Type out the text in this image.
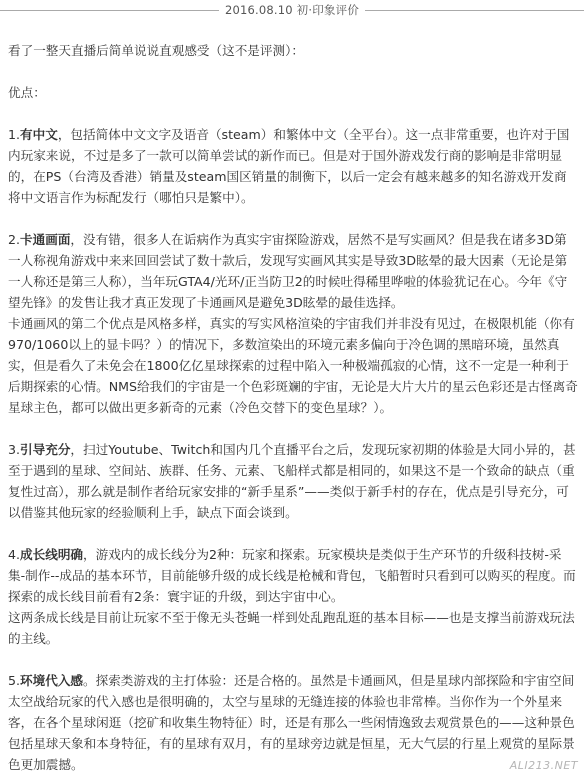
2016.08.10 初·印象评价

看了一整天直播后简单说说直观感受（这不是评测）：

优点：

1.有中文，包括简体中文文字及语音（steam）和繁体中文（全平台）。这一点非常重要，也许对于国内玩家来说，不过是多了一款可以简单尝试的新作而已。但是对于国外游戏发行商的影响是非常明显的，在PS（台湾及香港）销量及steam国区销量的制衡下，以后一定会有越来越多的知名游戏开发商将中文语言作为标配发行（哪怕只是繁中）。

2.卡通画面，没有错，很多人在诟病作为真实宇宙探险游戏，居然不是写实画风？但是我在诸多3D第一人称视角游戏中来来回回尝试了数十款后，发现写实画风其实是导致3D眩晕的最大因素（无论是第一人称还是第三人称），当年玩GTA4/光环/正当防卫2的时候吐得稀里哗啦的体验犹记在心。今年《守望先锋》的发售让我才真正发现了卡通画风是避免3D眩晕的最佳选择。

卡通画风的第二个优点是风格多样，真实的写实风格渲染的宇宙我们并非没有见过，在极限机能（你有970/1060以上的显卡吗？）的情况下，多数渲染出的环境元素多偏向于冷色调的黑暗环境，虽然真实，但是看久了未免会在1800亿亿星球探索的过程中陷入一种极端孤寂的心情，这不一定是一种利于后期探索的心情。NMS给我们的宇宙是一个色彩斑斓的宇宙，无论是大片大片的星云色彩还是古怪离奇星球主色，都可以做出更多新奇的元素（冷色交替下的变色星球？）。

3.引导充分，扫过Youtube、Twitch和国内几个直播平台之后，发现玩家初期的体验是大同小异的，甚至于遇到的星球、空间站、族群、任务、元素、飞船样式都是相同的，如果这不是一个致命的缺点（重复性过高），那么就是制作者给玩家安排的“新手星系”——类似于新手村的存在，优点是引导充分，可以借鉴其他玩家的经验顺利上手，缺点下面会谈到。

4.成长线明确，游戏内的成长线分为2种：玩家和探索。玩家模块是类似于生产环节的升级科技树-采集-制作--成品的基本环节，目前能够升级的成长线是枪械和背包，飞船暂时只看到可以购买的程度。而探索的成长线目前看有2条：寰宇证的升级，到达宇宙中心。

这两条成长线是目前让玩家不至于像无头苍蝇一样到处乱跑乱逛的基本目标——也是支撑当前游戏玩法的主线。

5.环境代入感。探索类游戏的主打体验：还是合格的。虽然是卡通画风，但是星球内部探险和宇宙空间太空战给玩家的代入感也是很明确的，太空与星球的无缝连接的体验也非常棒。当你作为一个外星来客，在各个星球闲逛（挖矿和收集生物特征）时，还是有那么一些闲情逸致去观赏景色的——这种景色包括星球天象和本身特征，有的星球有双月，有的星球旁边就是恒星，无大气层的行星上观赏的星际景色更加震撼。	ALI213.NET
